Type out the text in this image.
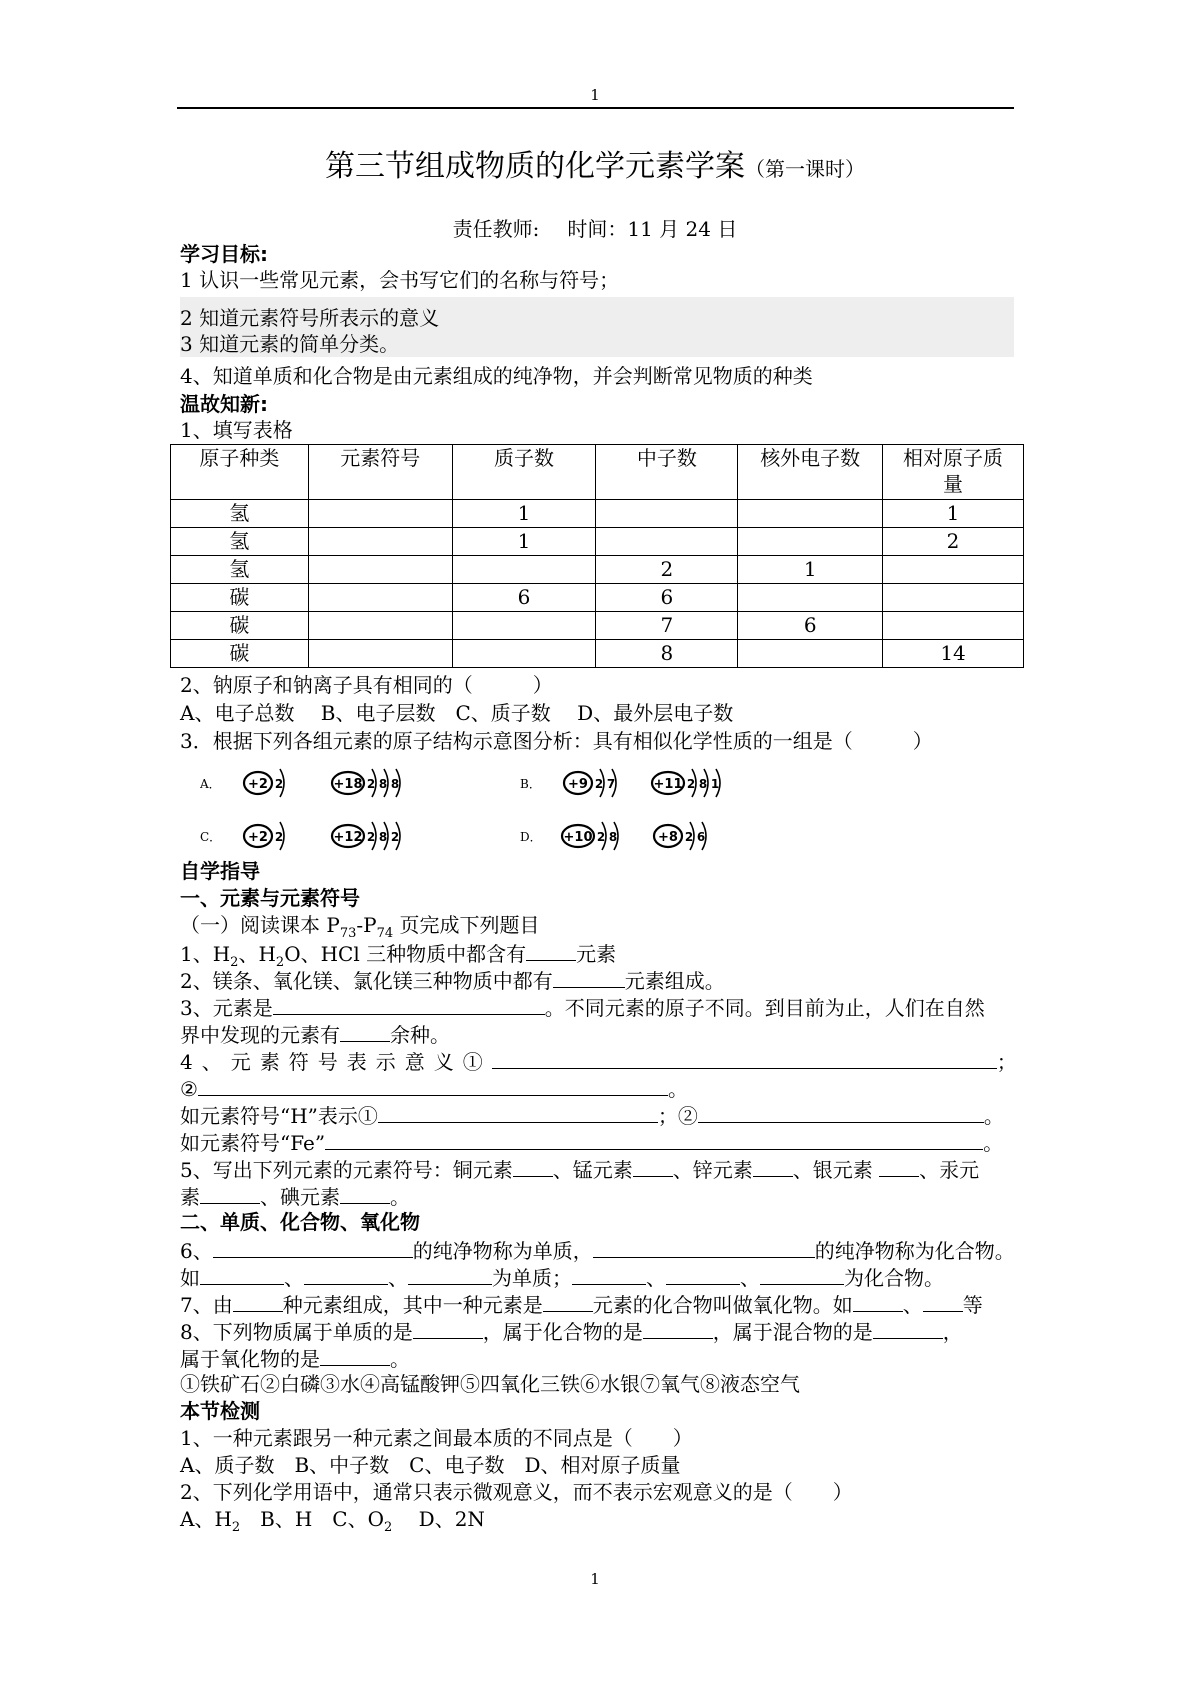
1
第三节组成物质的化学元素学案（第一课时）
责任教师: 时间：11 月 24 日
学习目标:
1 认识一些常见元素，会书写它们的名称与符号；
2 知道元素符号所表示的意义
3 知道元素的简单分类。
4、知道单质和化合物是由元素组成的纯净物，并会判断常见物质的种类
温故知新:
1、填写表格
原子种类	元素符号	质子数	中子数	核外电子数	相对原子质量
氢		1			1
氢		1			2
氢			2	1	
碳		6	6		
碳			7	6	
碳			8		14
2、钠原子和钠离子具有相同的（　　　）
A、电子总数　 B、电子层数　C、质子数　 D、最外层电子数
3．根据下列各组元素的原子结构示意图分析：具有相似化学性质的一组是（　　　）
A． +2 2	+18 2 8 8	B． +9 2 7	+11 2 8 1
C． +2 2	+12 2 8 2	D． +10 2 8	+8 2 6
自学指导
一、元素与元素符号
（一）阅读课本 $P_{73}-P_{74}$ 页完成下列题目
1、$H_2$、$H_2O$、HCl 三种物质中都含有	元素
2、镁条、氧化镁、氯化镁三种物质中都有	元素组成。
3、元素是	。不同元素的原子不同。到目前为止，人们在自然
界中发现的元素有	余种。
4、元素符号表示意义①	；
②	。
如元素符号“H”表示①	；②	。
如元素符号“Fe”	。
5、写出下列元素的元素符号：铜元素 、锰元素 、锌元素 、银元素 、汞元
素	、碘元素	。
二、单质、化合物、氧化物
6、	的纯净物称为单质，	的纯净物称为化合物。
如	、	、	为单质；	、	、	为化合物。
7、由	种元素组成，其中一种元素是	元素的化合物叫做氧化物。如	、 等
8、下列物质属于单质的是	，属于化合物的是	，属于混合物的是	，
属于氧化物的是	。
①铁矿石②白磷③水④高锰酸钾⑤四氧化三铁⑥水银⑦氧气⑧液态空气
本节检测
1、一种元素跟另一种元素之间最本质的不同点是（　　）
A、质子数　B、中子数　C、电子数　D、相对原子质量
2、下列化学用语中，通常只表示微观意义，而不表示宏观意义的是（　　）
A、$H_2$　B、H　C、$O_2$　 D、2N
1
